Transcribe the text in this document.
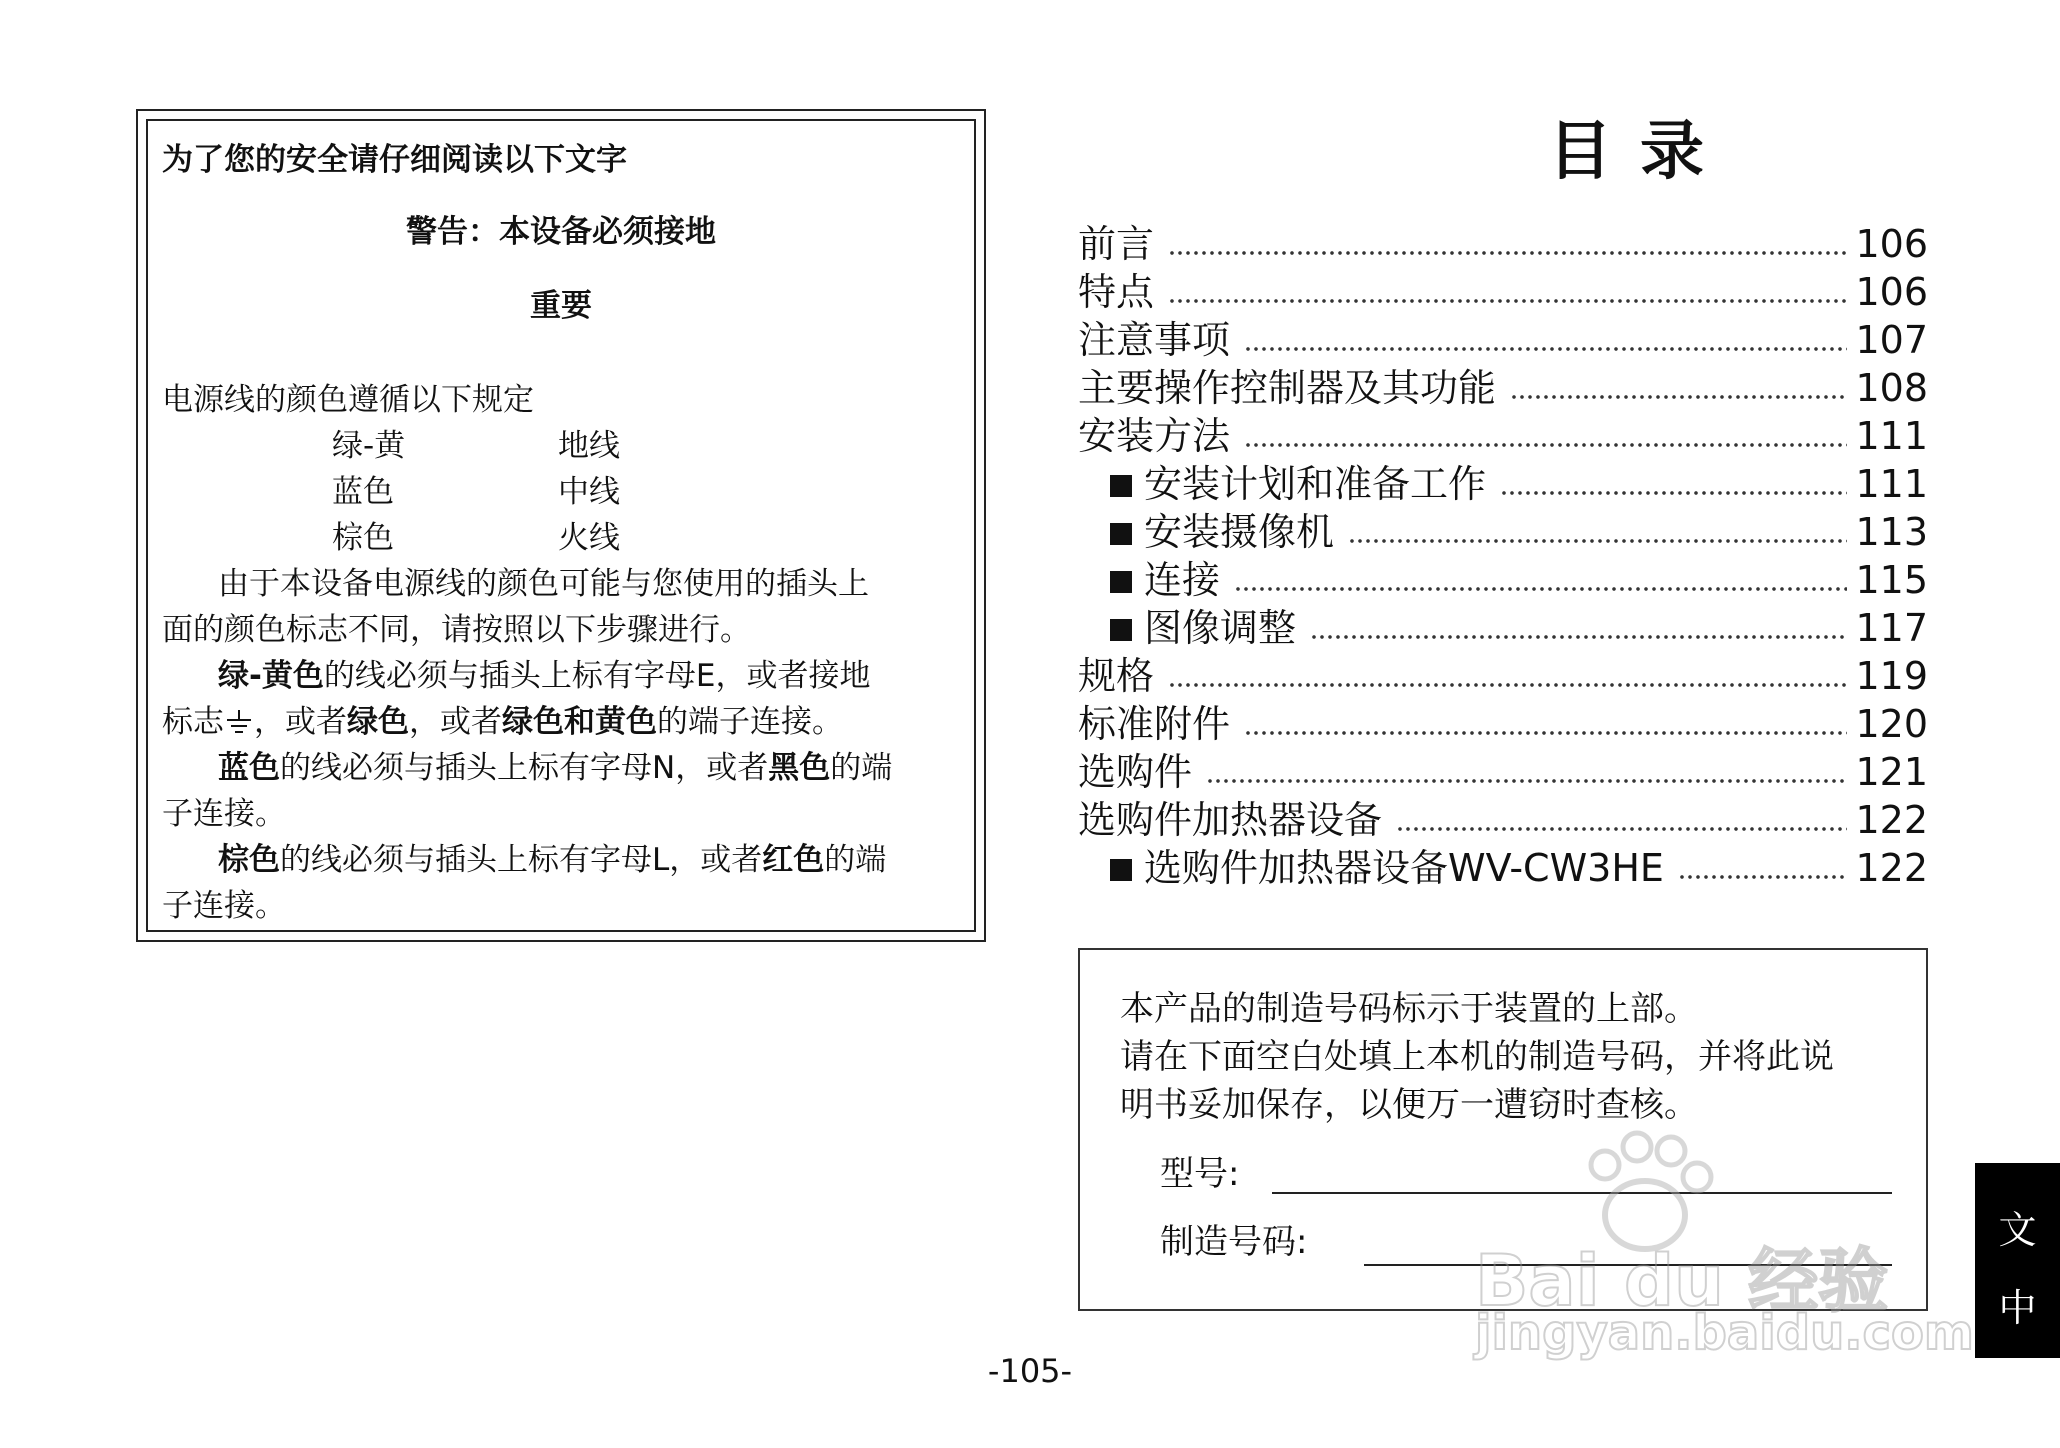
为了您的安全请仔细阅读以下文字
警告：本设备必须接地
重要
电源线的颜色遵循以下规定
绿-黄	地线
蓝色	中线
棕色	火线
由于本设备电源线的颜色可能与您使用的插头上
面的颜色标志不同，请按照以下步骤进行。
绿-黄色的线必须与插头上标有字母E，或者接地
标志 ，或者绿色，或者绿色和黄色的端子连接。
蓝色的线必须与插头上标有字母N，或者黑色的端
子连接。
棕色的线必须与插头上标有字母L，或者红色的端
子连接。
目录
前言	106
特点	106
注意事项	107
主要操作控制器及其功能	108
安装方法	111
安装计划和准备工作	111
安装摄像机	113
连接	115
图像调整	117
规格	119
标准附件	120
选购件	121
选购件加热器设备	122
选购件加热器设备WV-CW3HE	122
本产品的制造号码标示于装置的上部。
请在下面空白处填上本机的制造号码，并将此说
明书妥加保存，以便万一遭窃时查核。
型号:
制造号码:	文
中
-105-
Bai du 经验
jingyan.baidu.com
